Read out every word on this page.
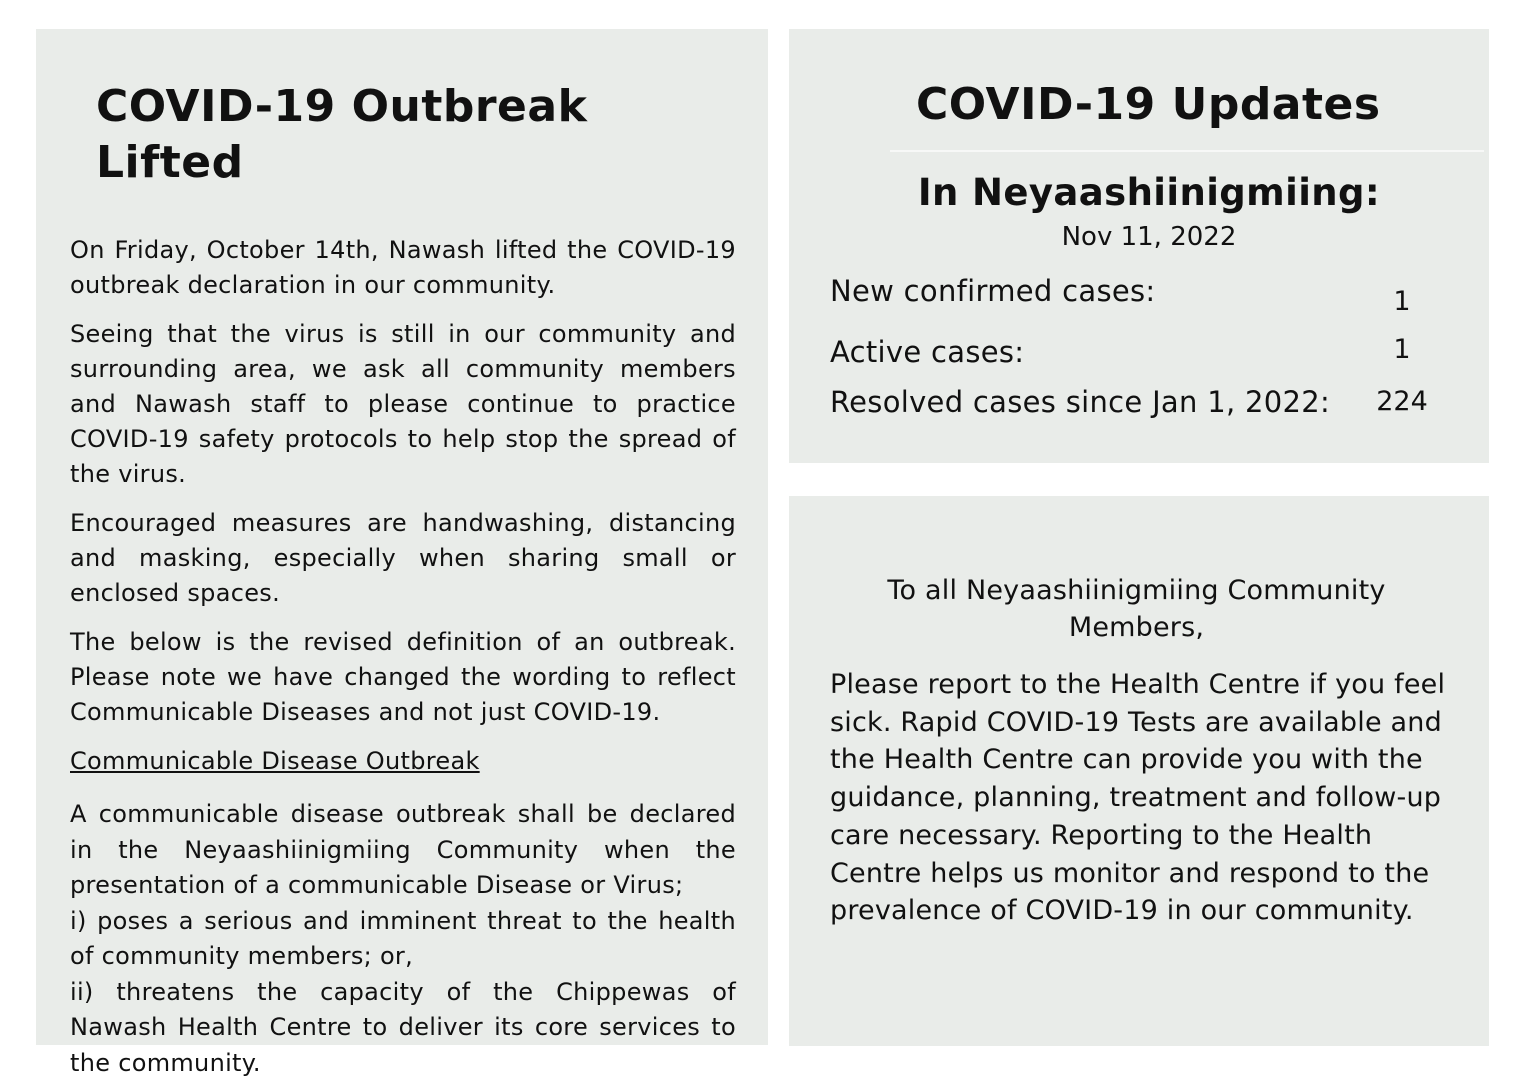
COVID-19 Outbreak Lifted

On Friday, October 14th, Nawash lifted the COVID-19 outbreak declaration in our community.

Seeing that the virus is still in our community and surrounding area, we ask all community members and Nawash staff to please continue to practice COVID-19 safety protocols to help stop the spread of the virus.

Encouraged measures are handwashing, distancing and masking, especially when sharing small or enclosed spaces.

The below is the revised definition of an outbreak. Please note we have changed the wording to reflect Communicable Diseases and not just COVID-19.

Communicable Disease Outbreak

A communicable disease outbreak shall be declared in the Neyaashiinigmiing Community when the presentation of a communicable Disease or Virus;
i) poses a serious and imminent threat to the health of community members; or,
ii) threatens the capacity of the Chippewas of Nawash Health Centre to deliver its core services to the community.
COVID-19 Updates
In Neyaashiinigmiing:
Nov 11, 2022
New confirmed cases:	1
Active cases:	1
Resolved cases since Jan 1, 2022:	224
To all Neyaashiinigmiing Community Members,
Please report to the Health Centre if you feel sick. Rapid COVID-19 Tests are available and the Health Centre can provide you with the guidance, planning, treatment and follow-up care necessary. Reporting to the Health Centre helps us monitor and respond to the prevalence of COVID-19 in our community.
